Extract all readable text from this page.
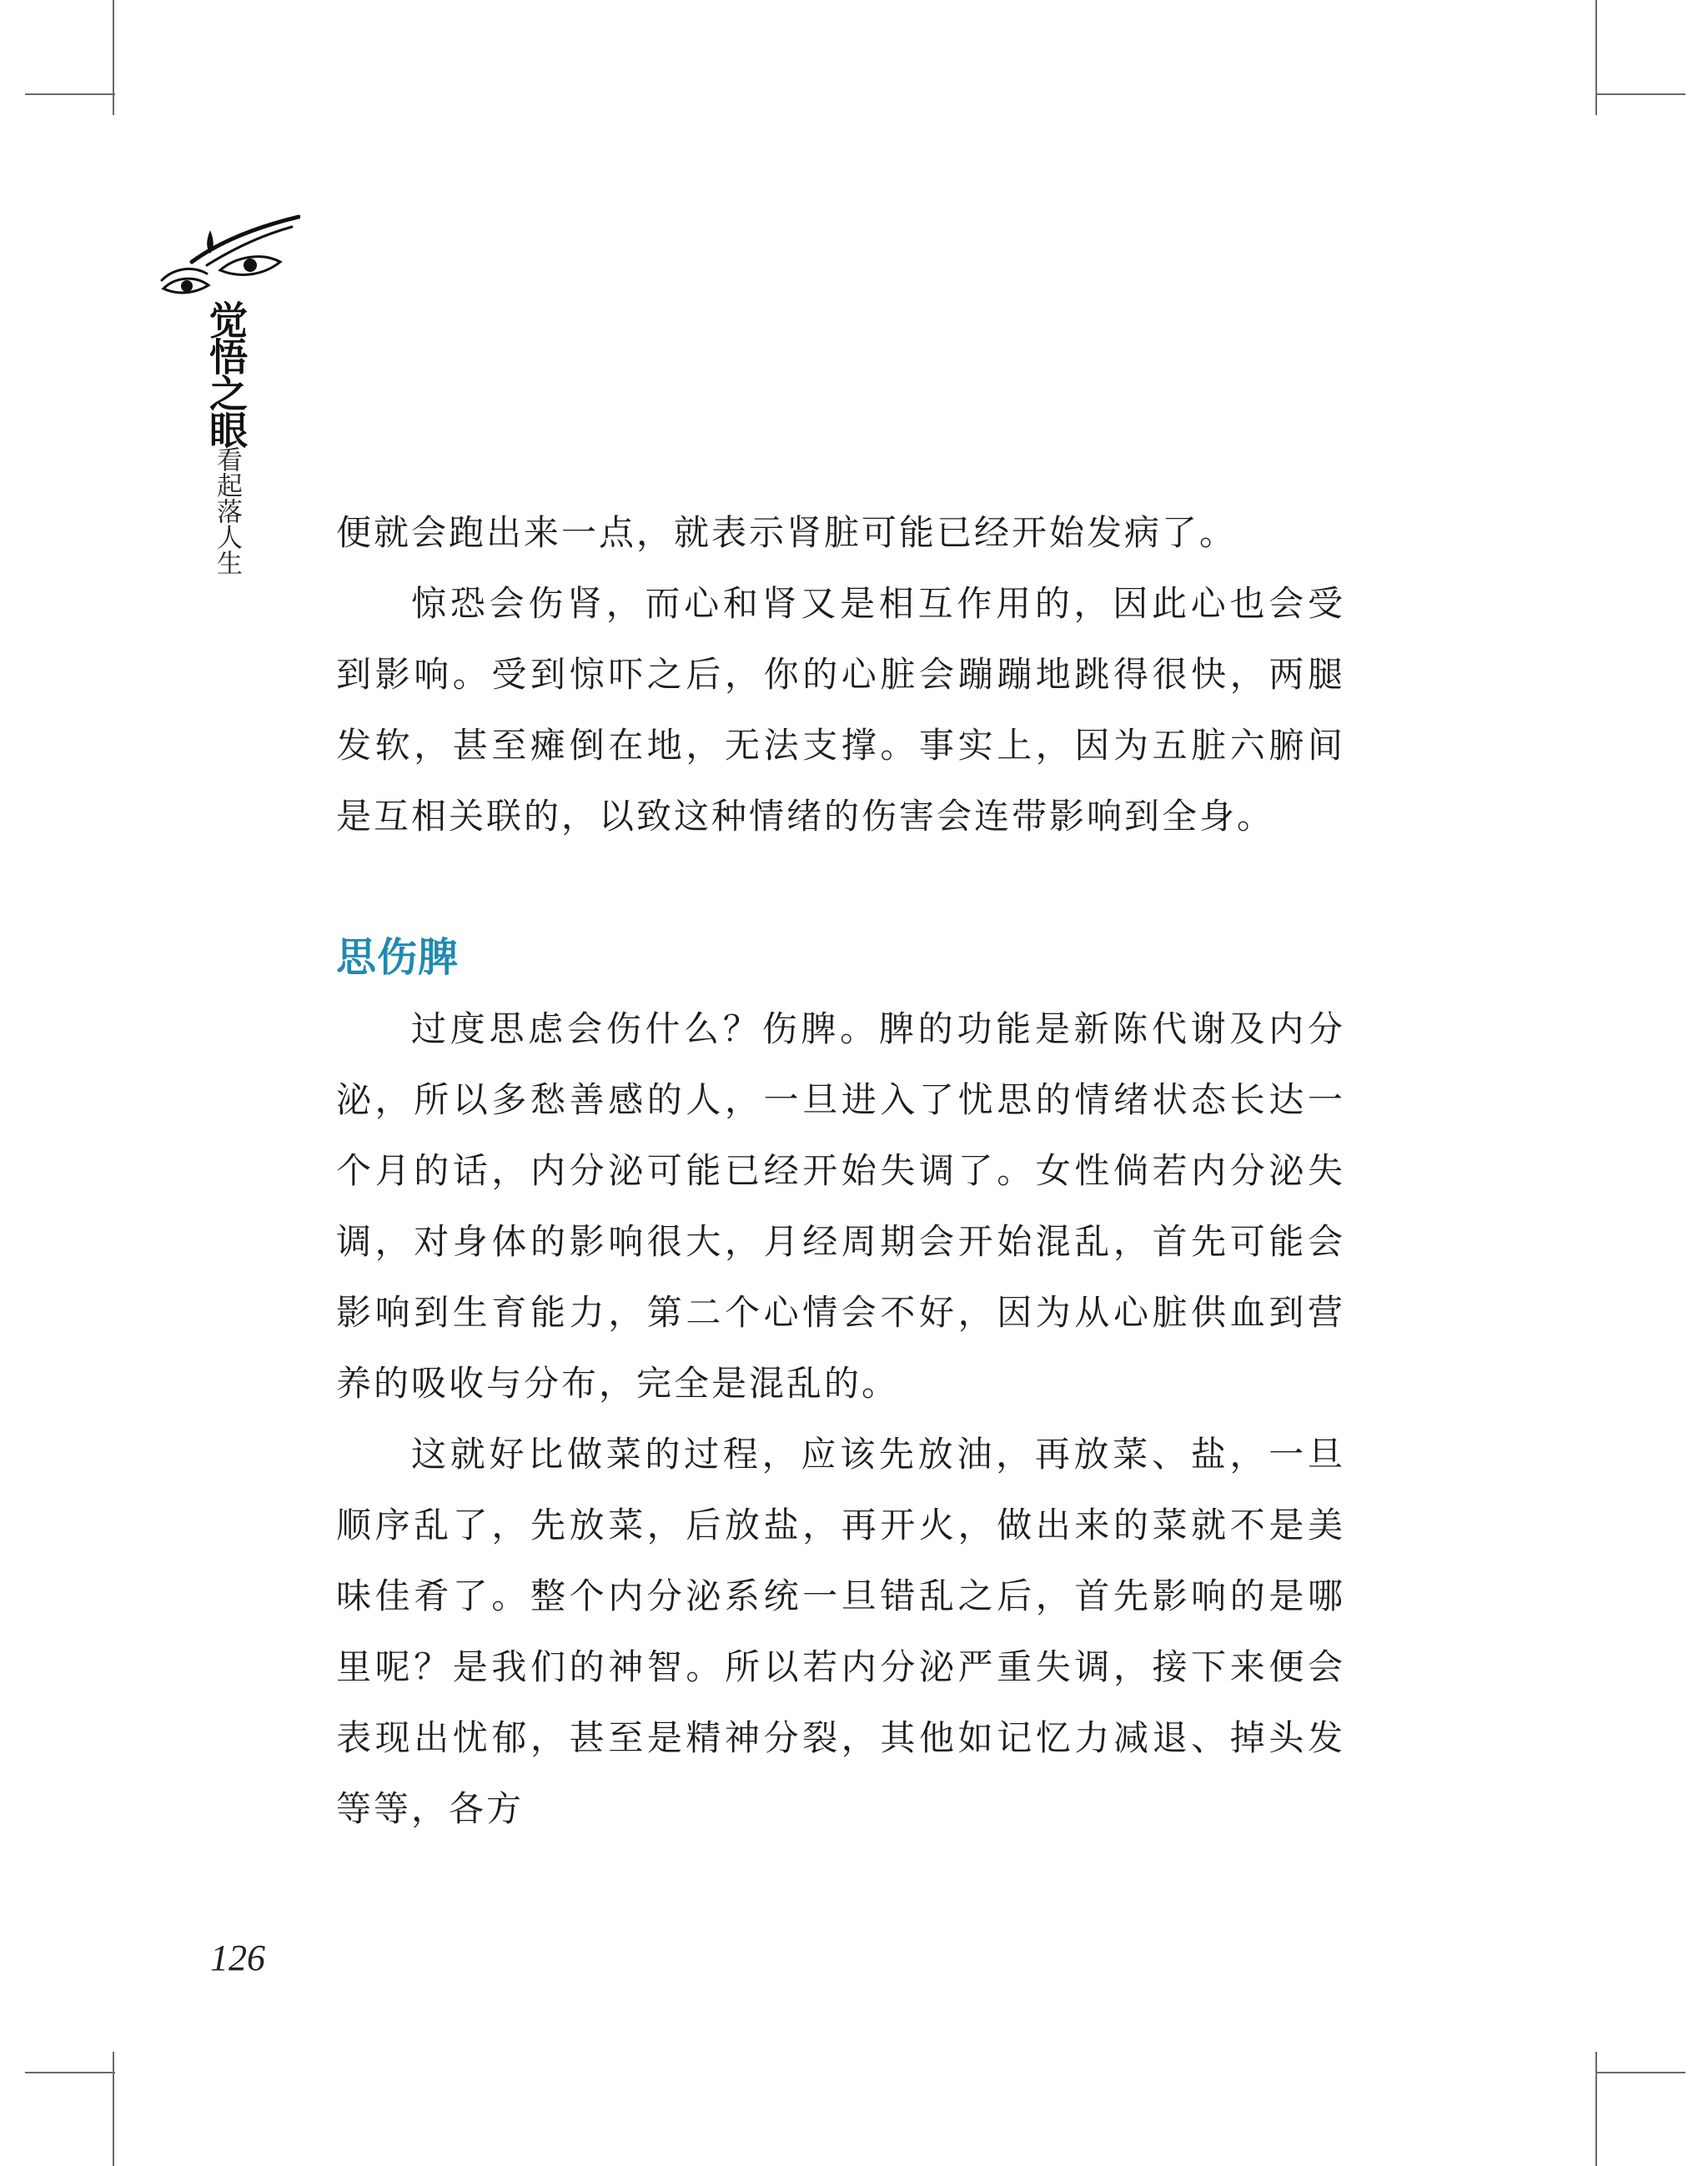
觉悟之眼
看起落人生	便就会跑出来一点，就表示肾脏可能已经开始发病了。

惊恐会伤肾，而心和肾又是相互作用的，因此心也会受到影响。受到惊吓之后，你的心脏会蹦蹦地跳得很快，两腿发软，甚至瘫倒在地，无法支撑。事实上，因为五脏六腑间是互相关联的，以致这种情绪的伤害会连带影响到全身。

思伤脾

过度思虑会伤什么？伤脾。脾的功能是新陈代谢及内分泌，所以多愁善感的人，一旦进入了忧思的情绪状态长达一个月的话，内分泌可能已经开始失调了。女性倘若内分泌失调，对身体的影响很大，月经周期会开始混乱，首先可能会影响到生育能力，第二个心情会不好，因为从心脏供血到营养的吸收与分布，完全是混乱的。

这就好比做菜的过程，应该先放油，再放菜、盐，一旦顺序乱了，先放菜，后放盐，再开火，做出来的菜就不是美味佳肴了。整个内分泌系统一旦错乱之后，首先影响的是哪里呢？是我们的神智。所以若内分泌严重失调，接下来便会表现出忧郁，甚至是精神分裂，其他如记忆力减退、掉头发等等，各方

126
